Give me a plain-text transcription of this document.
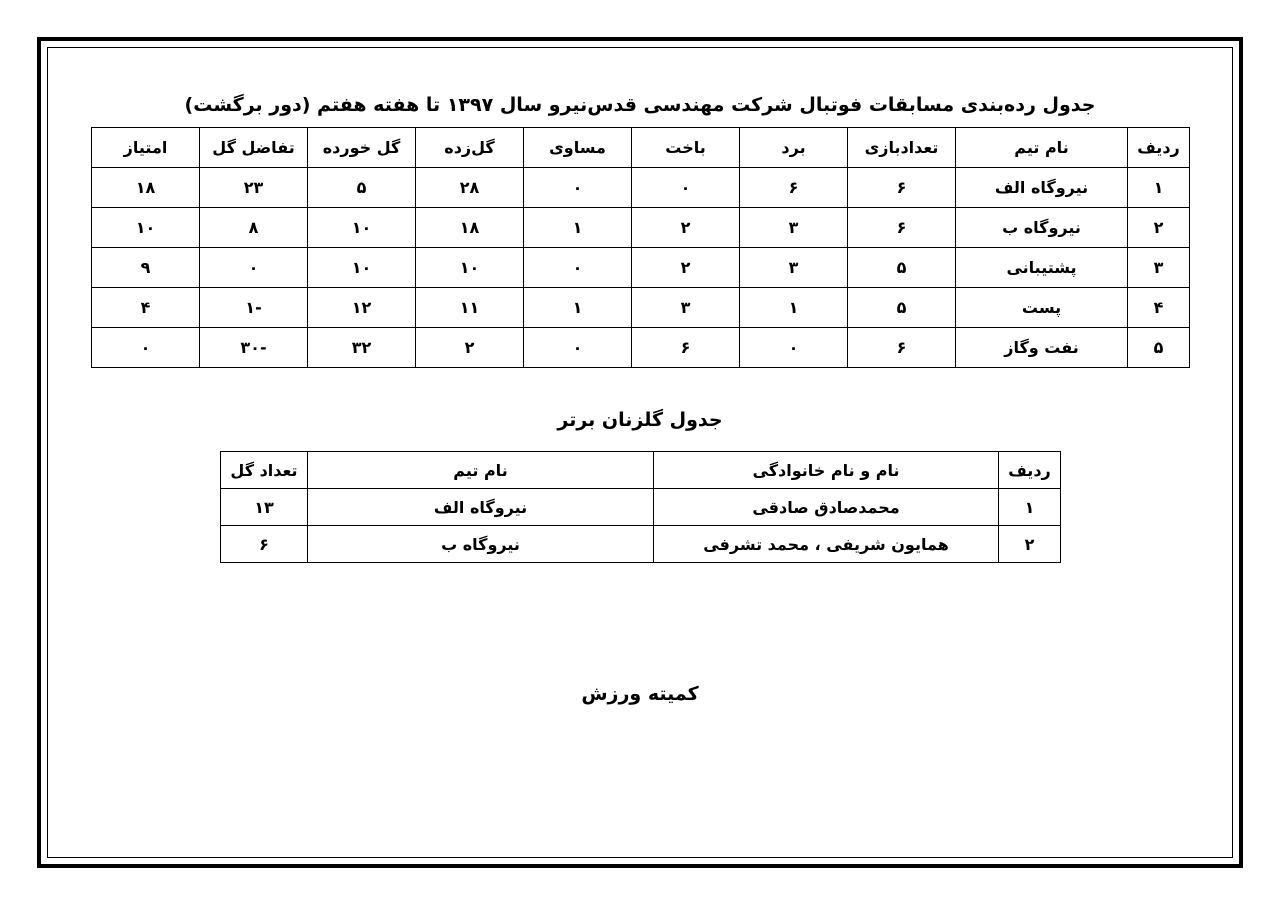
جدول رده‌بندی مسابقات فوتبال شرکت مهندسی قدس‌نیرو سال ۱۳۹۷ تا هفته هفتم (دور برگشت)
ردیف	نام تیم	تعدادبازی	برد	باخت	مساوی	گل‌زده	گل خورده	تفاضل گل	امتیاز
۱	نیروگاه الف	۶	۶	۰	۰	۲۸	۵	۲۳	۱۸
۲	نیروگاه ب	۶	۳	۲	۱	۱۸	۱۰	۸	۱۰
۳	پشتیبانی	۵	۳	۲	۰	۱۰	۱۰	۰	۹
۴	پست	۵	۱	۳	۱	۱۱	۱۲	-۱	۴
۵	نفت وگاز	۶	۰	۶	۰	۲	۳۲	-۳۰	۰
جدول گلزنان برتر
ردیف	نام و نام خانوادگی	نام تیم	تعداد گل
۱	محمدصادق صادقی	نیروگاه الف	۱۳
۲	همایون شریفی ، محمد تشرفی	نیروگاه ب	۶
کمیته ورزش
